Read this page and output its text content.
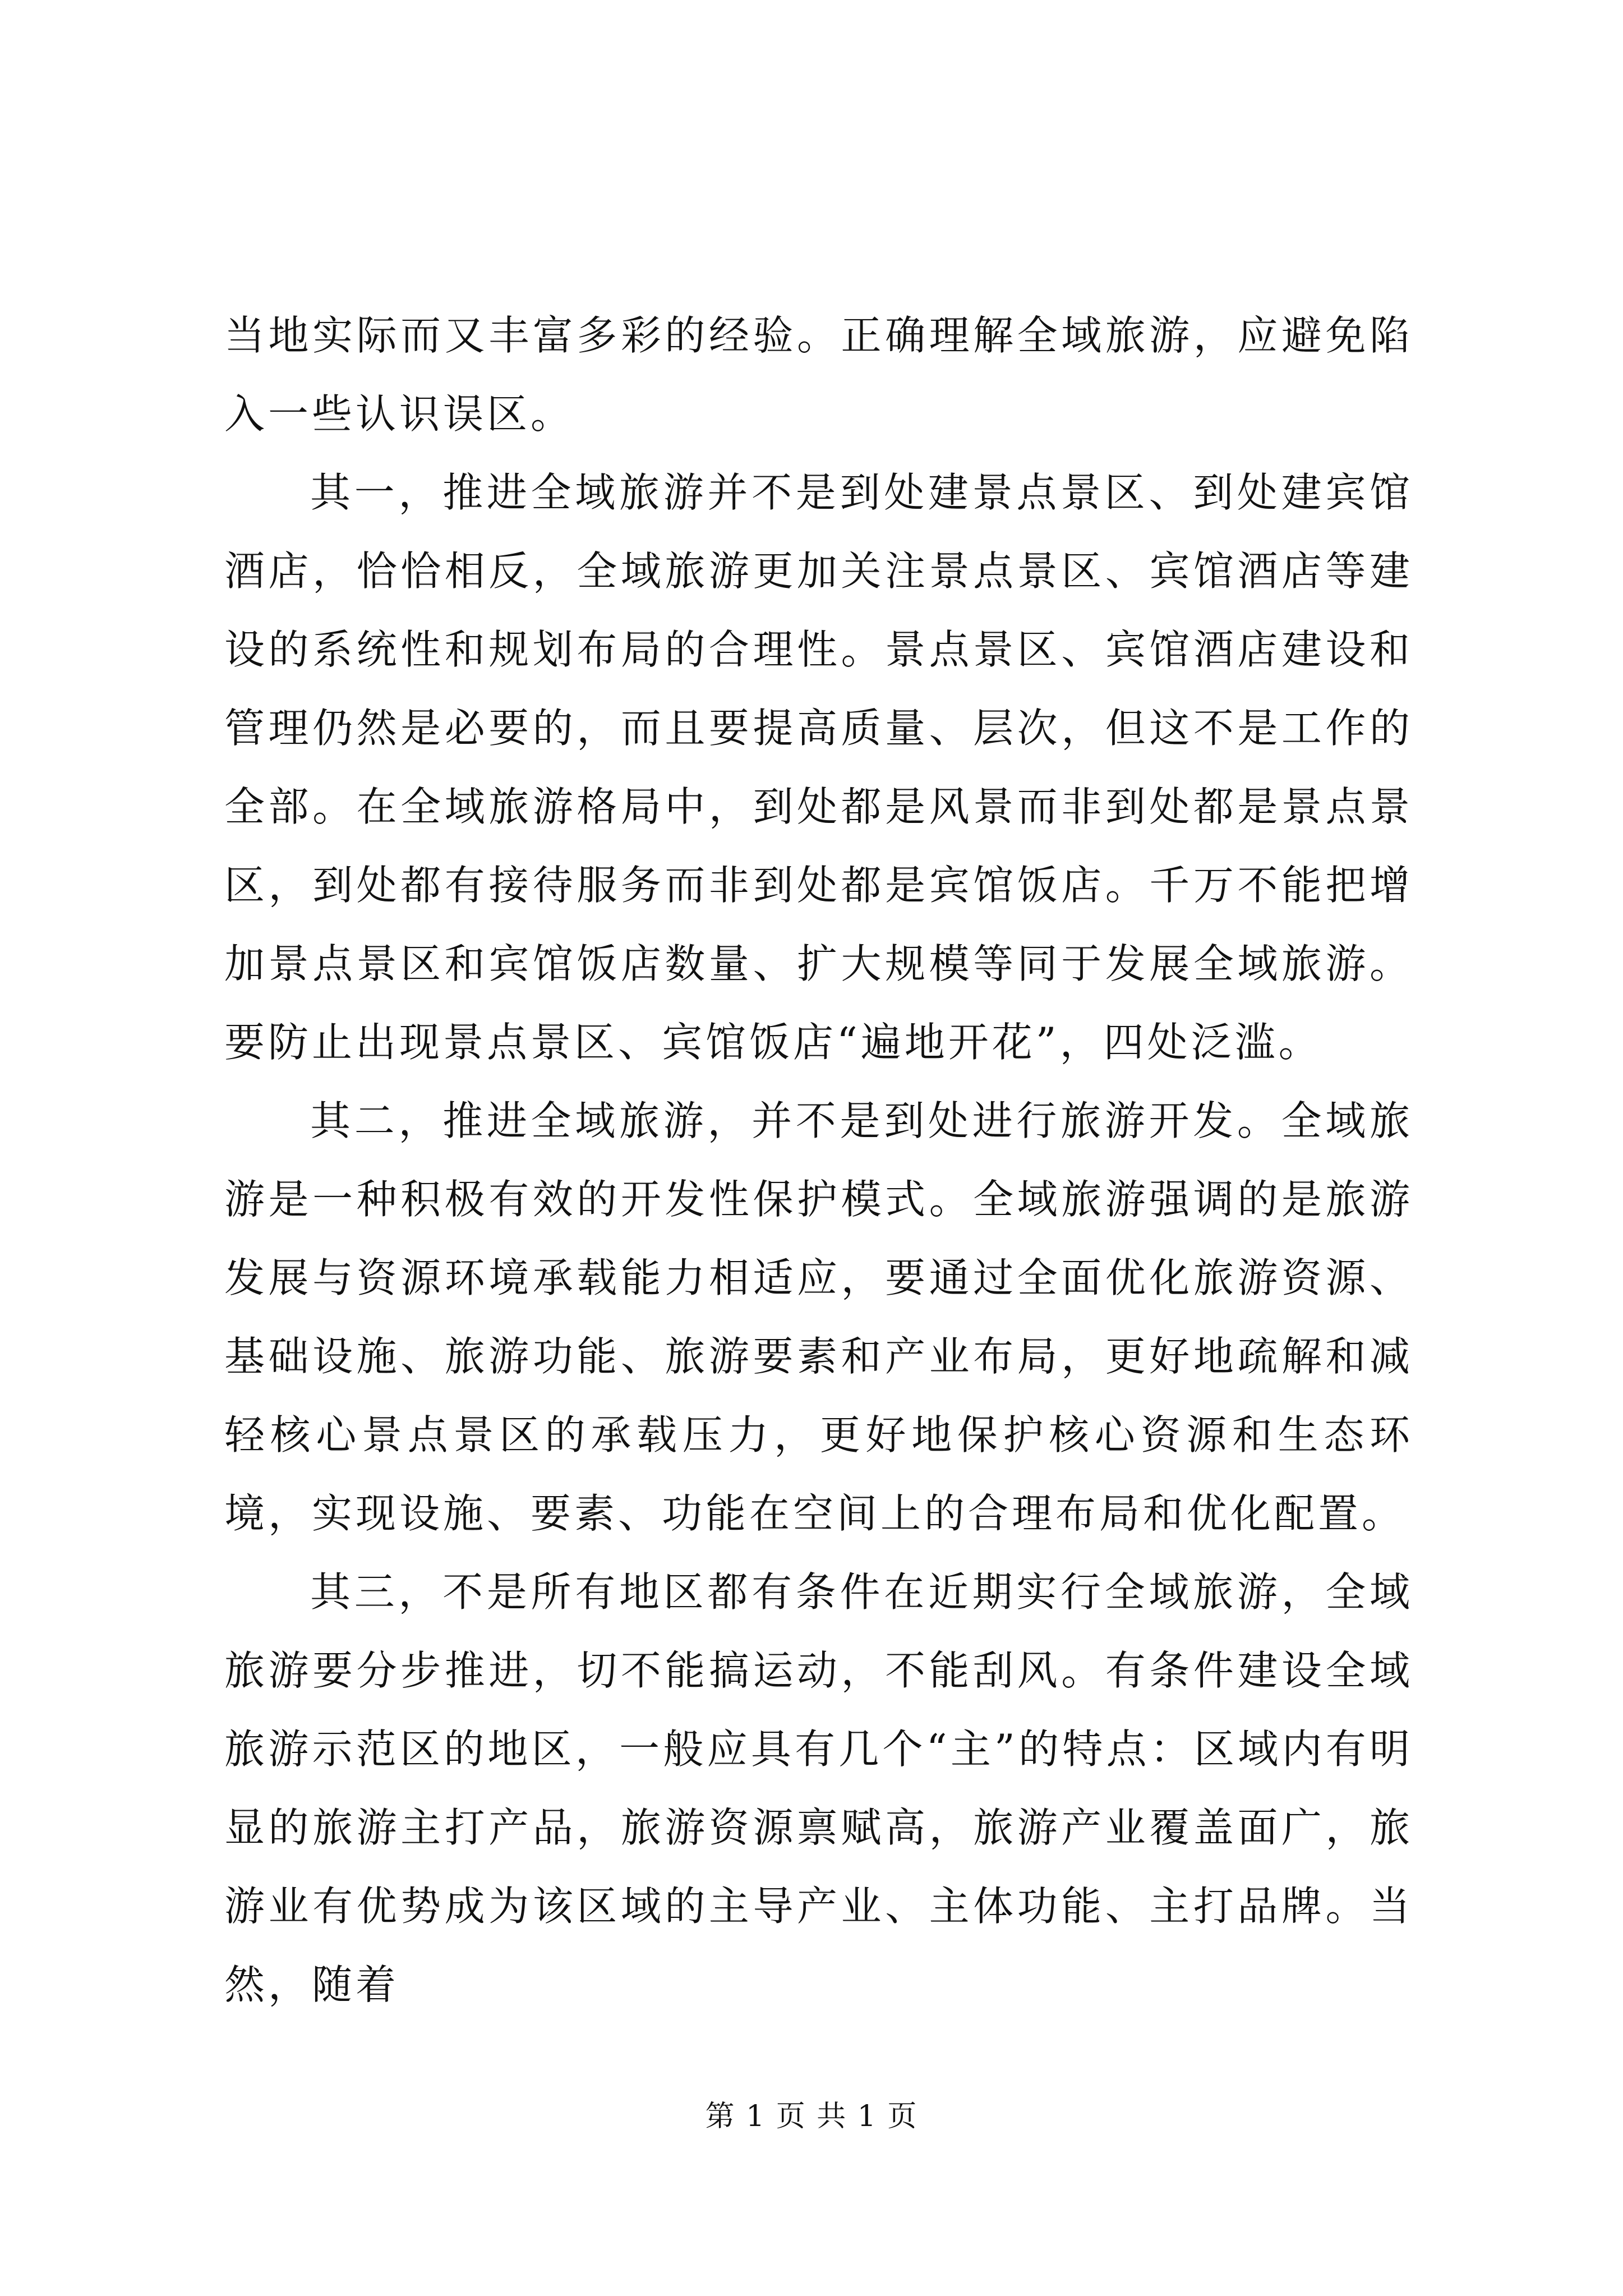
当地实际而又丰富多彩的经验。正确理解全域旅游，应避免陷入一些认识误区。

其一，推进全域旅游并不是到处建景点景区、到处建宾馆酒店，恰恰相反，全域旅游更加关注景点景区、宾馆酒店等建设的系统性和规划布局的合理性。景点景区、宾馆酒店建设和管理仍然是必要的，而且要提高质量、层次，但这不是工作的全部。在全域旅游格局中，到处都是风景而非到处都是景点景区，到处都有接待服务而非到处都是宾馆饭店。千万不能把增加景点景区和宾馆饭店数量、扩大规模等同于发展全域旅游。要防止出现景点景区、宾馆饭店“遍地开花”，四处泛滥。

其二，推进全域旅游，并不是到处进行旅游开发。全域旅游是一种积极有效的开发性保护模式。全域旅游强调的是旅游发展与资源环境承载能力相适应，要通过全面优化旅游资源、基础设施、旅游功能、旅游要素和产业布局，更好地疏解和减轻核心景点景区的承载压力，更好地保护核心资源和生态环境，实现设施、要素、功能在空间上的合理布局和优化配置。

其三，不是所有地区都有条件在近期实行全域旅游，全域旅游要分步推进，切不能搞运动，不能刮风。有条件建设全域旅游示范区的地区，一般应具有几个“主”的特点：区域内有明显的旅游主打产品，旅游资源禀赋高，旅游产业覆盖面广，旅游业有优势成为该区域的主导产业、主体功能、主打品牌。当然，随着

第 1 页 共 1 页
